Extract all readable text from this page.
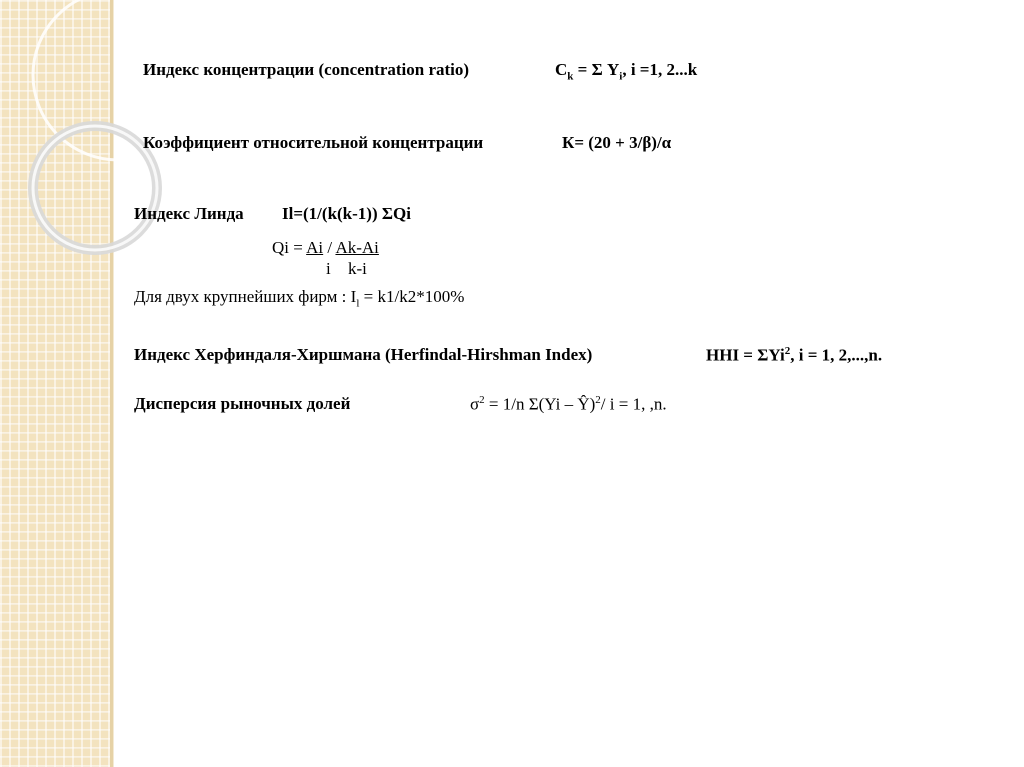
Индекс концентрации (concentration ratio)	$C_k = \Sigma$ $Y_i$, i =1, 2...k
Коэффициент относительной концентрации	К= (20 + 3/β)/α
Индекс Линда Il=(1/(k(k-1)) ΣQi
Qi = Ai / Ak-Ai
i k-i
Для двух крупнейших фирм : $I_l = k1/k2*100\%$
Индекс Херфиндаля-Хиршмана (Herfindal-Hirshman Index)	HHI = ΣYi$^2$, i = 1, 2,...,n.
Дисперсия рыночных долей	$\sigma^2 = 1/n$ Σ(Yi – Ŷ)$^2$/ i = 1, ,n.
